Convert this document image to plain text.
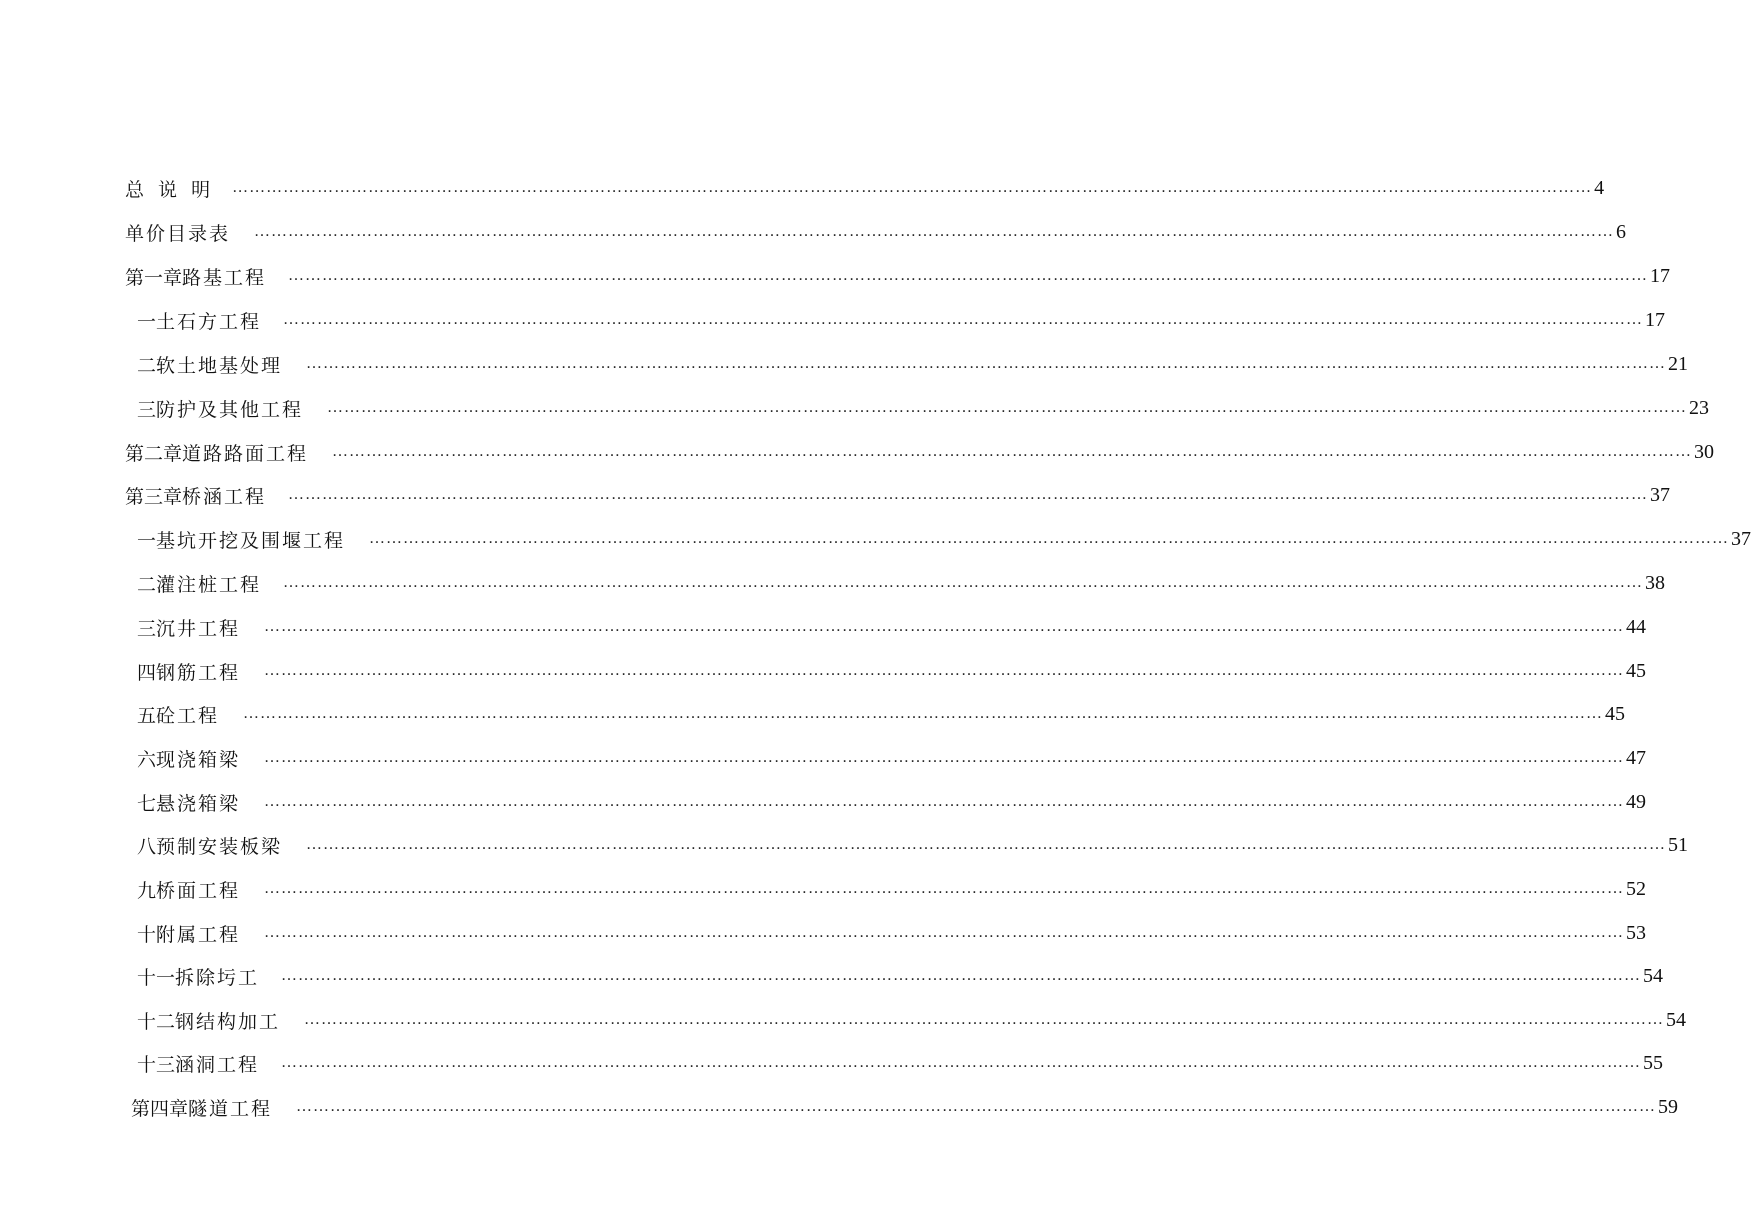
总 说 明 …………………………………………………………………………………………………………………………………………………………………………………………………………………… 4
单价目录表 …………………………………………………………………………………………………………………………………………………………………………………………………………………… 6
第一章 路基工程 …………………………………………………………………………………………………………………………………………………………………………………………………………………… 17
一 土石方工程 …………………………………………………………………………………………………………………………………………………………………………………………………………………… 17
二 软土地基处理 …………………………………………………………………………………………………………………………………………………………………………………………………………………… 21
三 防护及其他工程 …………………………………………………………………………………………………………………………………………………………………………………………………………………… 23
第二章 道路路面工程 …………………………………………………………………………………………………………………………………………………………………………………………………………………… 30
第三章 桥涵工程 …………………………………………………………………………………………………………………………………………………………………………………………………………………… 37
一 基坑开挖及围堰工程 …………………………………………………………………………………………………………………………………………………………………………………………………………………… 37
二 灌注桩工程 …………………………………………………………………………………………………………………………………………………………………………………………………………………… 38
三 沉井工程 …………………………………………………………………………………………………………………………………………………………………………………………………………………… 44
四 钢筋工程 …………………………………………………………………………………………………………………………………………………………………………………………………………………… 45
五 砼工程 …………………………………………………………………………………………………………………………………………………………………………………………………………………… 45
六 现浇箱梁 …………………………………………………………………………………………………………………………………………………………………………………………………………………… 47
七 悬浇箱梁 …………………………………………………………………………………………………………………………………………………………………………………………………………………… 49
八 预制安装板梁 …………………………………………………………………………………………………………………………………………………………………………………………………………………… 51
九 桥面工程 …………………………………………………………………………………………………………………………………………………………………………………………………………………… 52
十 附属工程 …………………………………………………………………………………………………………………………………………………………………………………………………………………… 53
十一 拆除圬工 …………………………………………………………………………………………………………………………………………………………………………………………………………………… 54
十二 钢结构加工 …………………………………………………………………………………………………………………………………………………………………………………………………………………… 54
十三 涵洞工程 …………………………………………………………………………………………………………………………………………………………………………………………………………………… 55
第四章 隧道工程 …………………………………………………………………………………………………………………………………………………………………………………………………………………… 59
